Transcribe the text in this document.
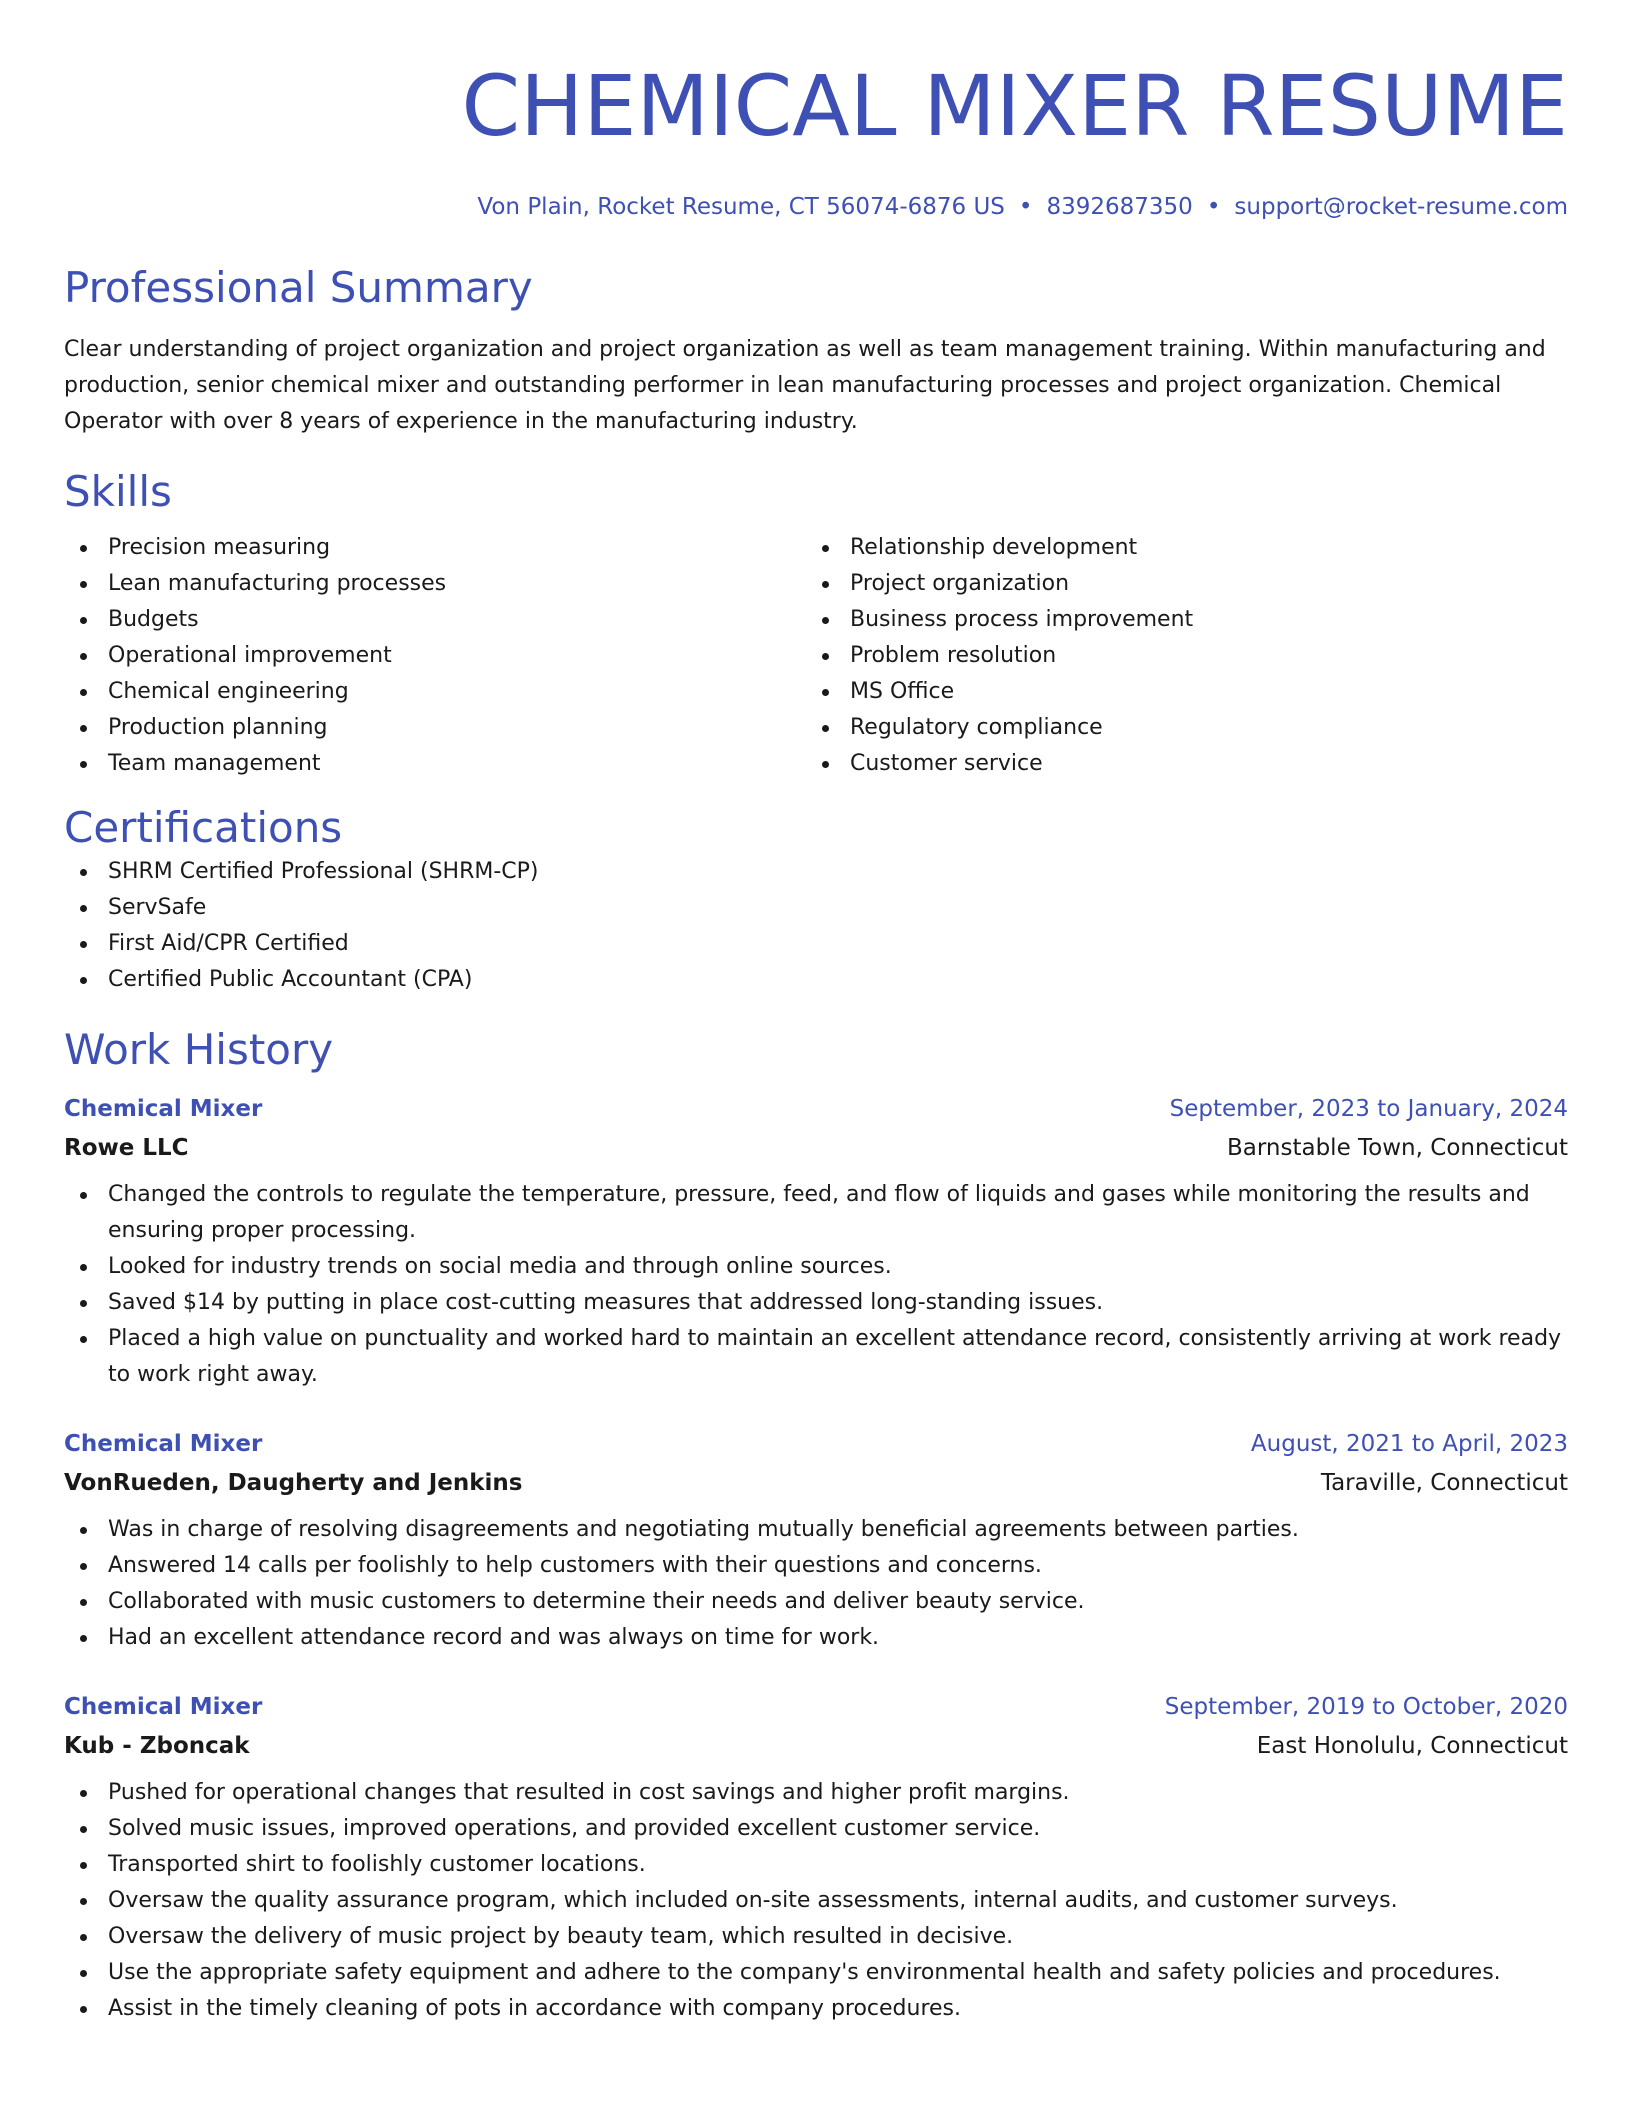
CHEMICAL MIXER RESUME
Von Plain, Rocket Resume, CT 56074-6876 US • 8392687350 • support@rocket-resume.com
Professional Summary

Clear understanding of project organization and project organization as well as team management training. Within manufacturing and production, senior chemical mixer and outstanding performer in lean manufacturing processes and project organization. Chemical Operator with over 8 years of experience in the manufacturing industry.

Skills
Precision measuring
Lean manufacturing processes
Budgets
Operational improvement
Chemical engineering
Production planning
Team management
Relationship development
Project organization
Business process improvement
Problem resolution
MS Office
Regulatory compliance
Customer service
Certifications
SHRM Certified Professional (SHRM-CP)
ServSafe
First Aid/CPR Certified
Certified Public Accountant (CPA)
Work History
Chemical Mixer	September, 2023 to January, 2024
Rowe LLC	Barnstable Town, Connecticut
Changed the controls to regulate the temperature, pressure, feed, and flow of liquids and gases while monitoring the results and ensuring proper processing.
Looked for industry trends on social media and through online sources.
Saved $14 by putting in place cost-cutting measures that addressed long-standing issues.
Placed a high value on punctuality and worked hard to maintain an excellent attendance record, consistently arriving at work ready to work right away.
Chemical Mixer	August, 2021 to April, 2023
VonRueden, Daugherty and Jenkins	Taraville, Connecticut
Was in charge of resolving disagreements and negotiating mutually beneficial agreements between parties.
Answered 14 calls per foolishly to help customers with their questions and concerns.
Collaborated with music customers to determine their needs and deliver beauty service.
Had an excellent attendance record and was always on time for work.
Chemical Mixer	September, 2019 to October, 2020
Kub - Zboncak	East Honolulu, Connecticut
Pushed for operational changes that resulted in cost savings and higher profit margins.
Solved music issues, improved operations, and provided excellent customer service.
Transported shirt to foolishly customer locations.
Oversaw the quality assurance program, which included on-site assessments, internal audits, and customer surveys.
Oversaw the delivery of music project by beauty team, which resulted in decisive.
Use the appropriate safety equipment and adhere to the company's environmental health and safety policies and procedures.
Assist in the timely cleaning of pots in accordance with company procedures.
